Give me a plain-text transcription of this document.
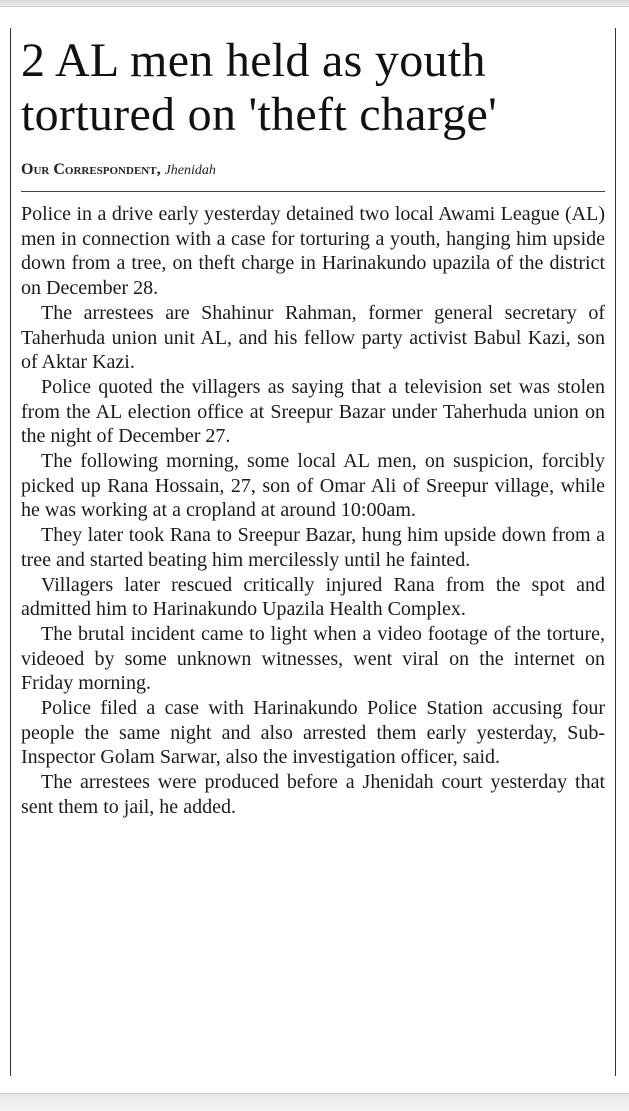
2 AL men held as youth tortured on 'theft charge'
Our Correspondent, Jhenidah

Police in a drive early yesterday detained two local Awami League (AL) men in connection with a case for torturing a youth, hanging him upside down from a tree, on theft charge in Harinakundo upazila of the district on December 28.

The arrestees are Shahinur Rahman, former general secretary of Taherhuda union unit AL, and his fellow party activist Babul Kazi, son of Aktar Kazi.

Police quoted the villagers as saying that a television set was stolen from the AL election office at Sreepur Bazar under Taherhuda union on the night of December 27.

The following morning, some local AL men, on suspicion, forcibly picked up Rana Hossain, 27, son of Omar Ali of Sreepur village, while he was working at a cropland at around 10:00am.

They later took Rana to Sreepur Bazar, hung him upside down from a tree and started beating him mercilessly until he fainted.

Villagers later rescued critically injured Rana from the spot and admitted him to Harinakundo Upazila Health Complex.

The brutal incident came to light when a video footage of the torture, videoed by some unknown witnesses, went viral on the internet on Friday morning.

Police filed a case with Harinakundo Police Station accusing four people the same night and also arrested them early yesterday, Sub-Inspector Golam Sarwar, also the investigation officer, said.

The arrestees were produced before a Jhenidah court yesterday that sent them to jail, he added.
